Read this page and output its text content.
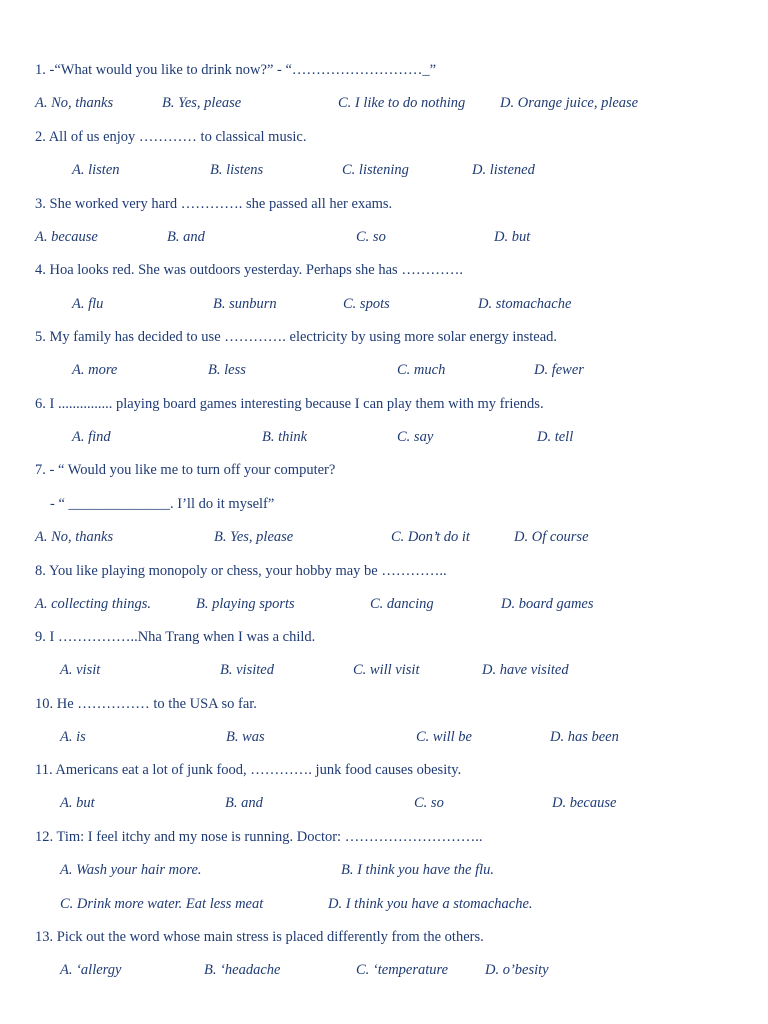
1. -“What would you like to drink now?” - “………………………_”
A. No, thanks	B. Yes, please	C. I like to do nothing D. Orange juice, please
2. All of us enjoy ………… to classical music.
A. listen	B. listens	C. listening	D. listened
3. She worked very hard …………. she passed all her exams.
A. because	B. and	C. so	D. but
4. Hoa looks red. She was outdoors yesterday. Perhaps she has ………….
A. flu	B. sunburn	C. spots	D. stomachache
5. My family has decided to use …………. electricity by using more solar energy instead.
A. more	B. less	C. much	D. fewer
6. I ............... playing board games interesting because I can play them with my friends.
A. find	B. think	C. say	D. tell
7. - “ Would you like me to turn off your computer?
- “ ______________. I’ll do it myself”
A. No, thanks	B. Yes, please	C. Don’t do it	D. Of course
8. You like playing monopoly or chess, your hobby may be …………..
A. collecting things.	B. playing sports	C. dancing	D. board games
9. I ……………..Nha Trang when I was a child.
A. visit	B. visited	C. will visit	D. have visited
10. He …………… to the USA so far.
A. is	B. was	C. will be	D. has been
11. Americans eat a lot of junk food, …………. junk food causes obesity.
A. but	B. and	C. so	D. because
12. Tim: I feel itchy and my nose is running. Doctor: ………………………..
A. Wash your hair more.	B. I think you have the flu.
C. Drink more water. Eat less meat	D. I think you have a stomachache.
13. Pick out the word whose main stress is placed differently from the others.
A. ‘allergy	B. ‘headache	C. ‘temperature	D. o’besity
